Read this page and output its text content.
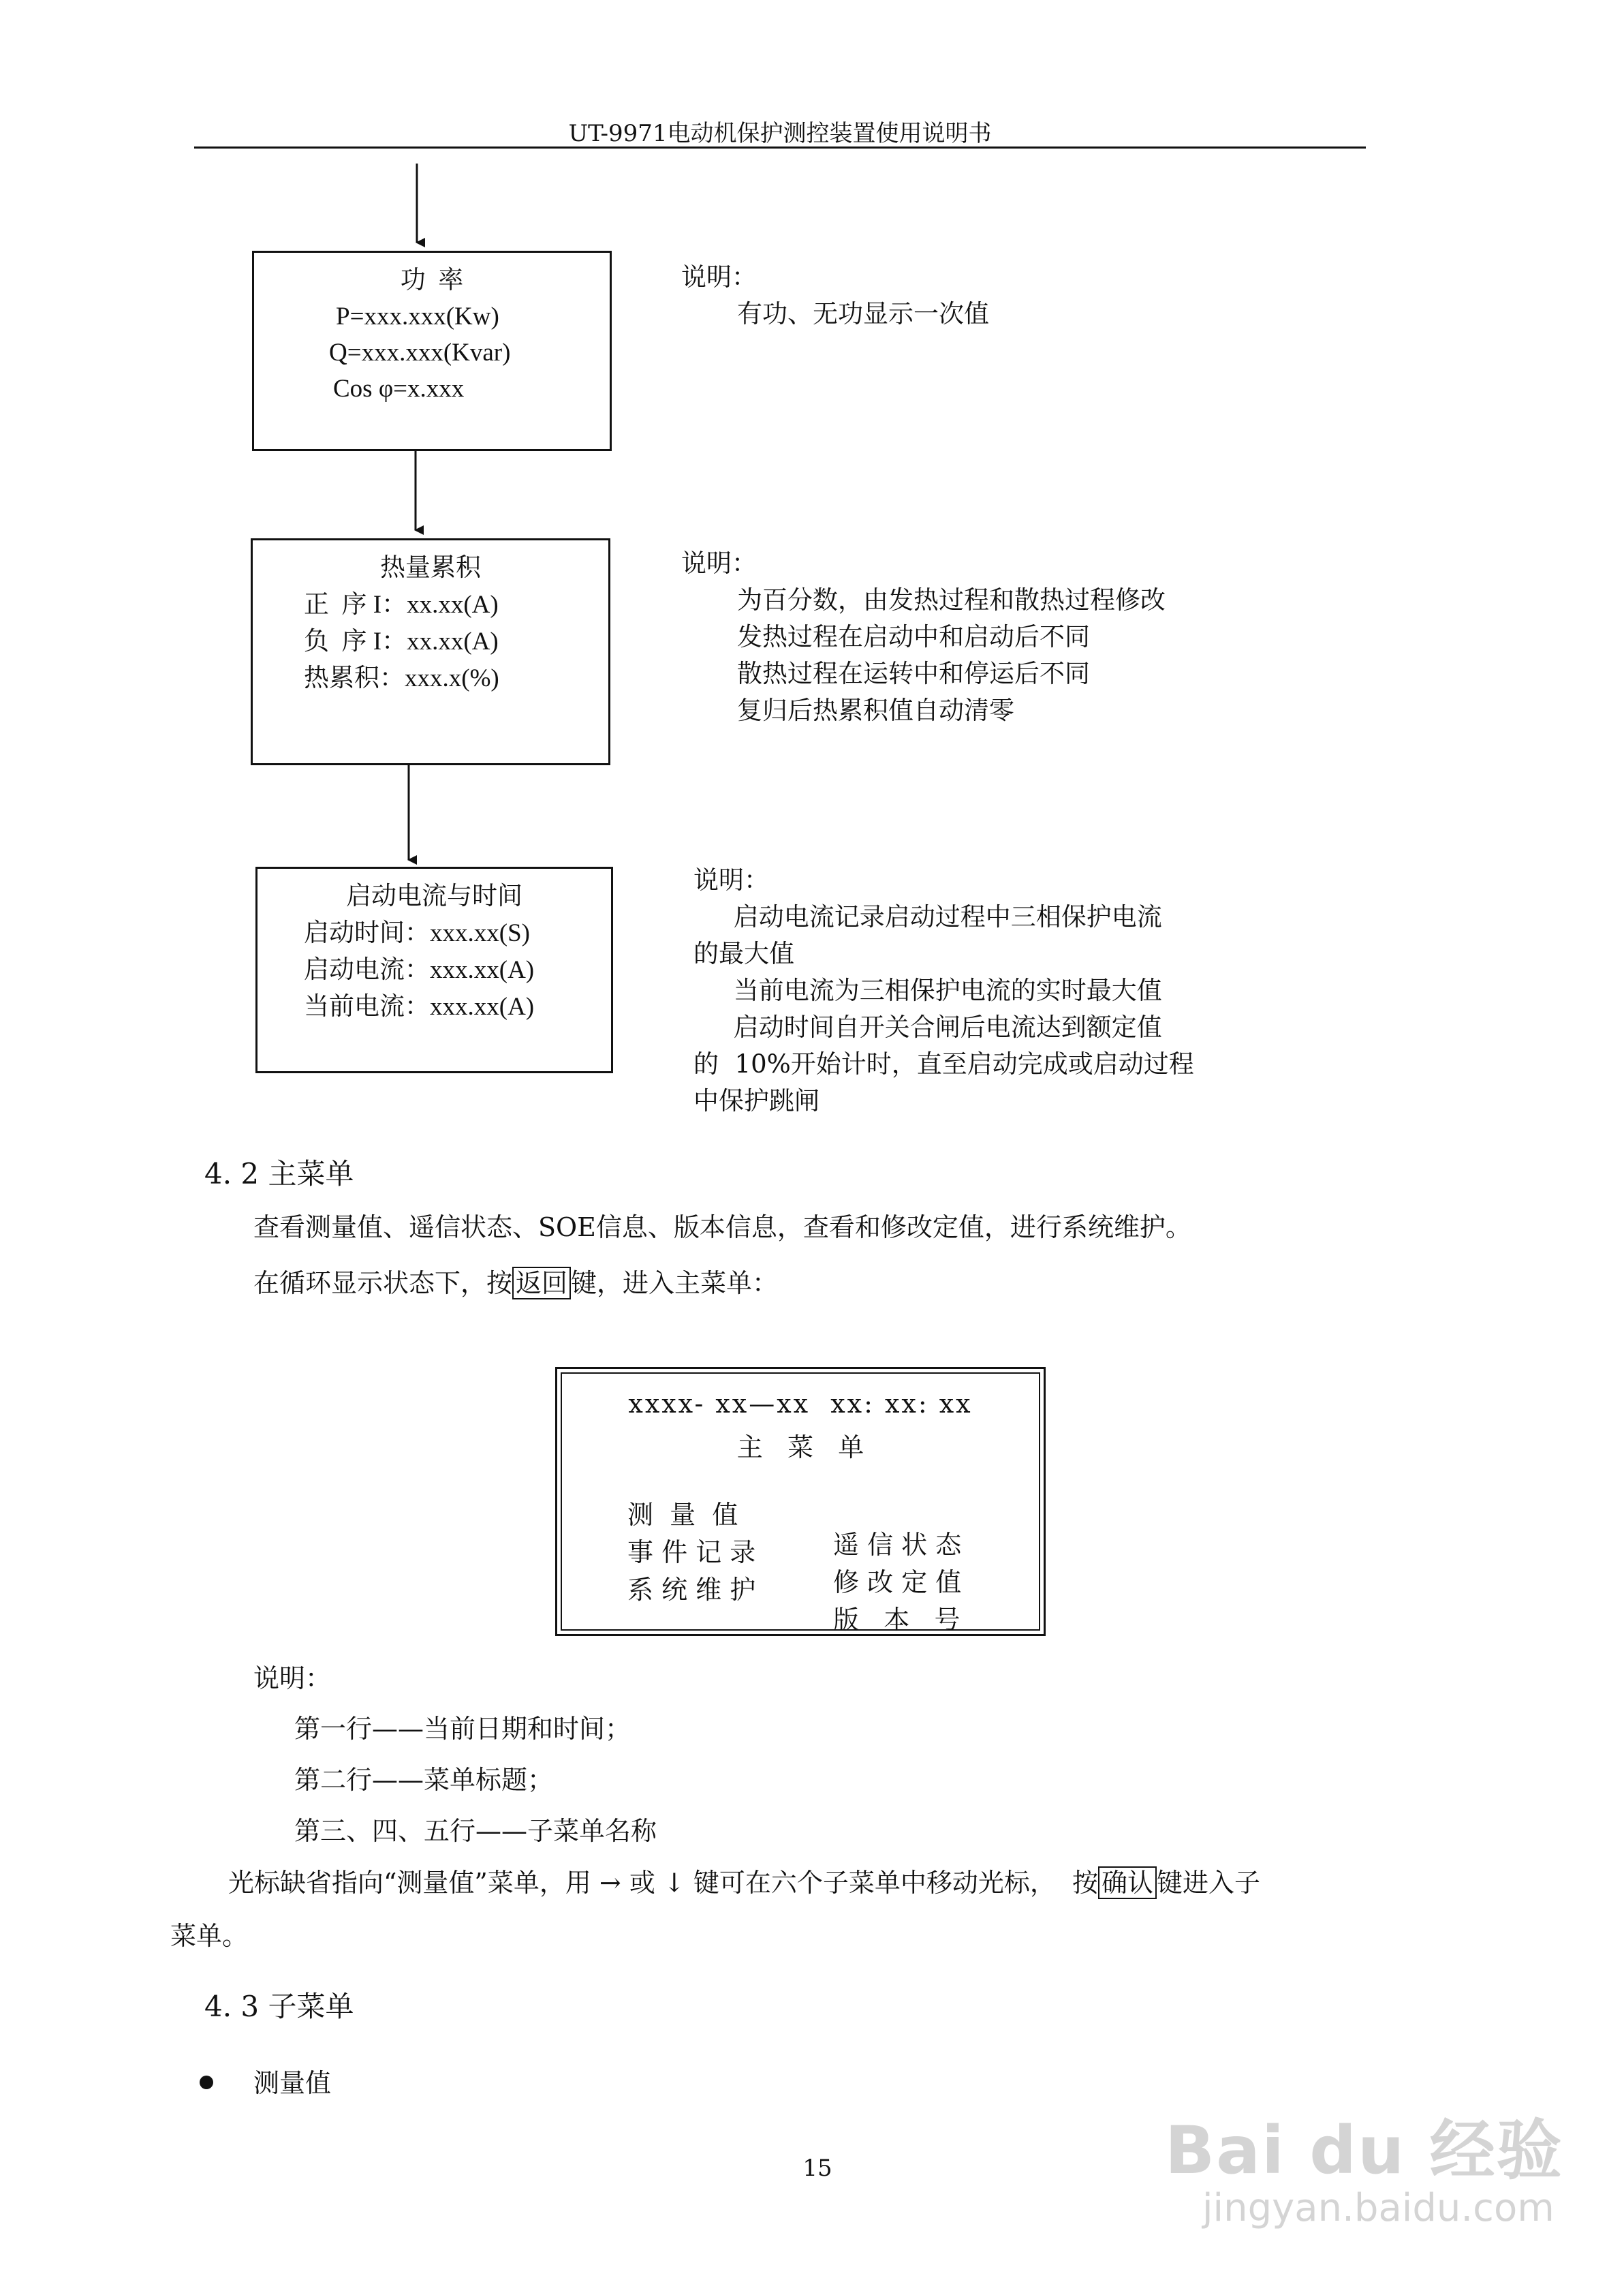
UT-9971电动机保护测控装置使用说明书
功  率
P=xxx.xxx(Kw)
Q=xxx.xxx(Kvar)
Cos φ=x.xxx
说明：
有功、无功显示一次值
热量累积
正  序 I：xx.xx(A)
负  序 I：xx.xx(A)
热累积：xxx.x(%)
说明：
为百分数，由发热过程和散热过程修改
发热过程在启动中和启动后不同
散热过程在运转中和停运后不同
复归后热累积值自动清零
启动电流与时间
启动时间：xxx.xx(S)
启动电流：xxx.xx(A)
当前电流：xxx.xx(A)
说明：
启动电流记录启动过程中三相保护电流
的最大值
当前电流为三相保护电流的实时最大值
启动时间自开关合闸后电流达到额定值
的  10%开始计时，直至启动完成或启动过程
中保护跳闸
4. 2 主菜单
查看测量值、遥信状态、SOE信息、版本信息，查看和修改定值，进行系统维护。
在循环显示状态下，按 返回 键，进入主菜单：
xxxx- xx—xx  xx: xx: xx
主   菜   单

测  量  值

遥 信 状 态

事 件 记 录

修 改 定 值

系 统 维 护

版   本   号

说明：
第一行——当前日期和时间；
第二行——菜单标题；
第三、四、五行——子菜单名称
光标缺省指向“测量值”菜单，用 → 或 ↓ 键可在六个子菜单中移动光标，  按 确认 键进入子
菜单。
4. 3 子菜单
测量值
15	Bai du 经验
jingyan.baidu.com
